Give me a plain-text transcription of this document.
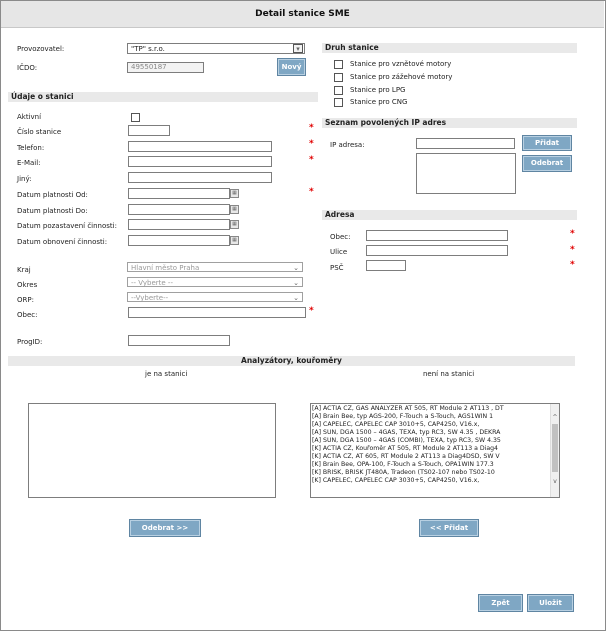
Detail stanice SME
Provozovatel:	"TP" s.r.o.	▾
IČDO:	49550187	Nový
Údaje o stanici
Aktivní
Číslo stanice	*
Telefon:	*
E-Mail:	*
Jiný:
Datum platnosti Od:	▦	*
Datum platnosti Do:	▦
Datum pozastavení činnosti:	▦
Datum obnovení činnosti:	▦
Kraj	Hlavní město Praha	⌄
Okres	-- Vyberte --	⌄
ORP:	--Vyberte--	⌄
Obec:	*
ProgID:
Druh stanice
Stanice pro vznětové motory
Stanice pro zážehové motory
Stanice pro LPG
Stanice pro CNG
Seznam povolených IP adres
IP adresa:	Přidat
Odebrat
Adresa
Obec:	*
Ulice	*
PSČ	*
Analyzátory, kouřoměry
je na stanici	není na stanici
[A] ACTIA CZ, GAS ANALYZER AT 505, RT Module 2 AT113 , DT
[A] Brain Bee, typ AGS-200, F-Touch a S-Touch, AGS1WIN 1
[A] CAPELEC, CAPELEC CAP 3010+5, CAP4250, V16.x,
[A] SUN, DGA 1500 – 4GAS, TEXA, typ RC3, SW 4.35 , DEKRA
[A] SUN, DGA 1500 – 4GAS (COMBI), TEXA, typ RC3, SW 4.35
[K] ACTIA CZ, Kouřoměr AT 505, RT Module 2 AT113 a Diag4
[K] ACTIA CZ, AT 605, RT Module 2 AT113 a Diag4DSD, SW V
[K] Brain Bee, OPA-100, F-Touch a S-Touch, OPA1WIN 177.3
[K] BRISK, BRISK JT480A, Tradeon (TS02-107 nebo TS02-10
[K] CAPELEC, CAPELEC CAP 3030+5, CAP4250, V16.x,
^
v
Odebrat >>	<< Přidat
Zpět	Uložit
